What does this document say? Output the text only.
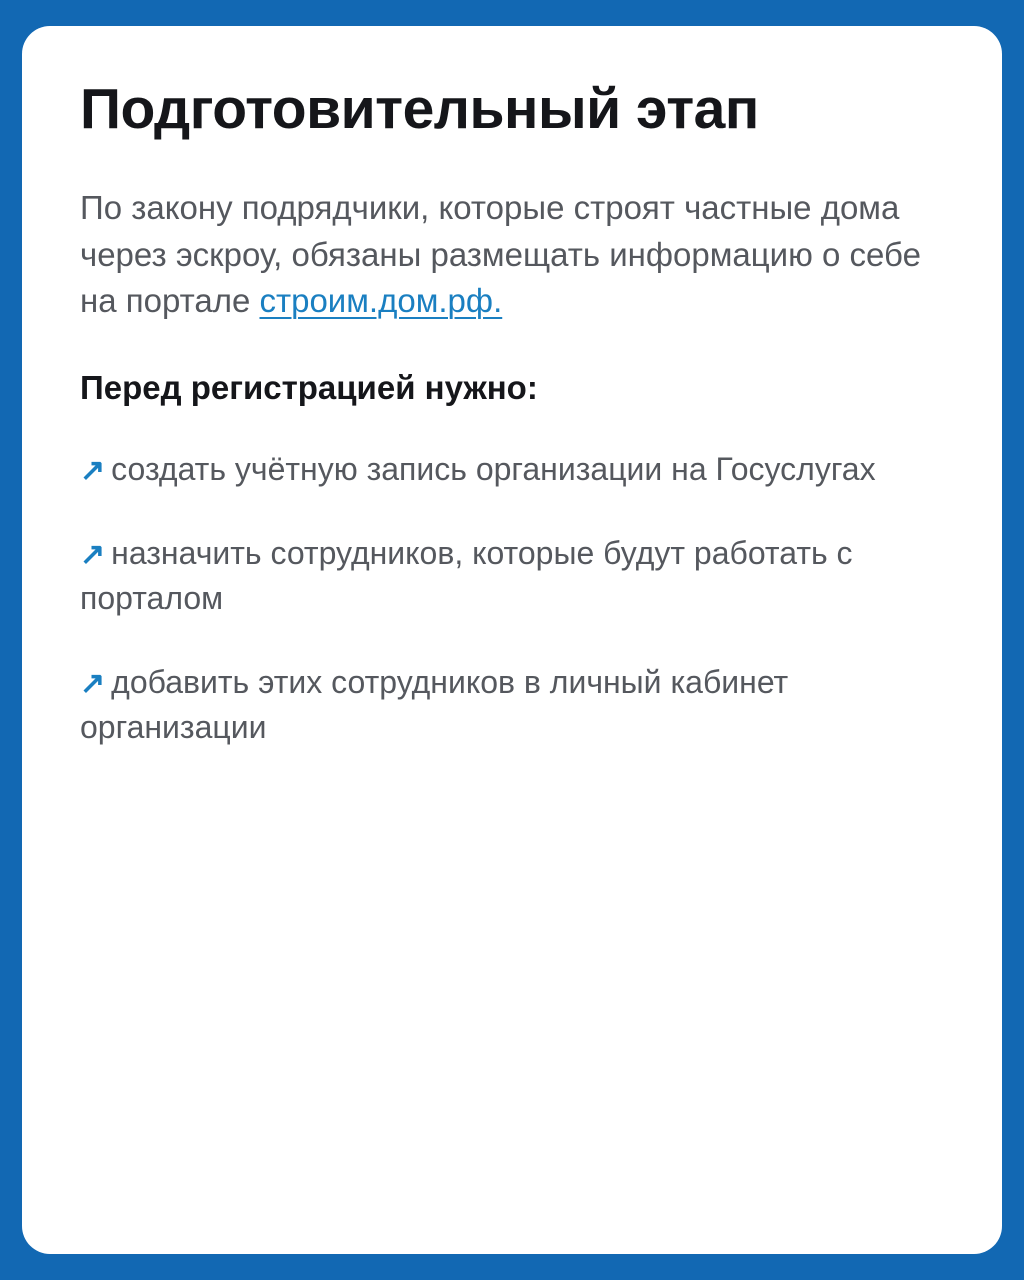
Подготовительный этап

По закону подрядчики, которые строят частные дома через эскроу, обязаны размещать информацию о себе на портале строим.дом.рф.

Перед регистрацией нужно:
↗ создать учётную запись организации на Госуслугах
↗ назначить сотрудников, которые будут работать с порталом
↗ добавить этих сотрудников в личный кабинет организации
